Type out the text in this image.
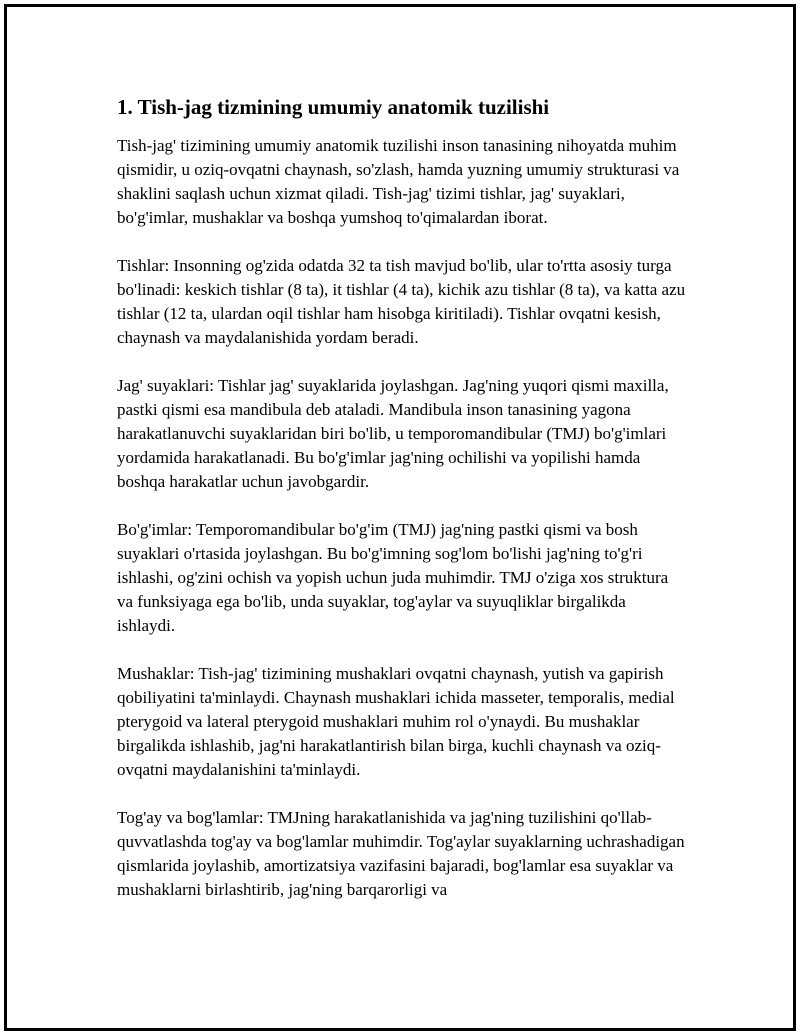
1. Tish-jag tizmining umumiy anatomik tuzilishi

Tish-jag' tizimining umumiy anatomik tuzilishi inson tanasining nihoyatda muhim qismidir, u oziq-ovqatni chaynash, so'zlash, hamda yuzning umumiy strukturasi va shaklini saqlash uchun xizmat qiladi. Tish-jag' tizimi tishlar, jag' suyaklari, bo'g'imlar, mushaklar va boshqa yumshoq to'qimalardan iborat.

Tishlar: Insonning og'zida odatda 32 ta tish mavjud bo'lib, ular to'rtta asosiy turga bo'linadi: keskich tishlar (8 ta), it tishlar (4 ta), kichik azu tishlar (8 ta), va katta azu tishlar (12 ta, ulardan oqil tishlar ham hisobga kiritiladi). Tishlar ovqatni kesish, chaynash va maydalanishida yordam beradi.

Jag' suyaklari: Tishlar jag' suyaklarida joylashgan. Jag'ning yuqori qismi maxilla, pastki qismi esa mandibula deb ataladi. Mandibula inson tanasining yagona harakatlanuvchi suyaklaridan biri bo'lib, u temporomandibular (TMJ) bo'g'imlari yordamida harakatlanadi. Bu bo'g'imlar jag'ning ochilishi va yopilishi hamda boshqa harakatlar uchun javobgardir.

Bo'g'imlar: Temporomandibular bo'g'im (TMJ) jag'ning pastki qismi va bosh suyaklari o'rtasida joylashgan. Bu bo'g'imning sog'lom bo'lishi jag'ning to'g'ri ishlashi, og'zini ochish va yopish uchun juda muhimdir. TMJ o'ziga xos struktura va funksiyaga ega bo'lib, unda suyaklar, tog'aylar va suyuqliklar birgalikda ishlaydi.

Mushaklar: Tish-jag' tizimining mushaklari ovqatni chaynash, yutish va gapirish qobiliyatini ta'minlaydi. Chaynash mushaklari ichida masseter, temporalis, medial pterygoid va lateral pterygoid mushaklari muhim rol o'ynaydi. Bu mushaklar birgalikda ishlashib, jag'ni harakatlantirish bilan birga, kuchli chaynash va oziq-ovqatni maydalanishini ta'minlaydi.

Tog'ay va bog'lamlar: TMJning harakatlanishida va jag'ning tuzilishini qo'llab-quvvatlashda tog'ay va bog'lamlar muhimdir. Tog'aylar suyaklarning uchrashadigan qismlarida joylashib, amortizatsiya vazifasini bajaradi, bog'lamlar esa suyaklar va mushaklarni birlashtirib, jag'ning barqarorligi va
